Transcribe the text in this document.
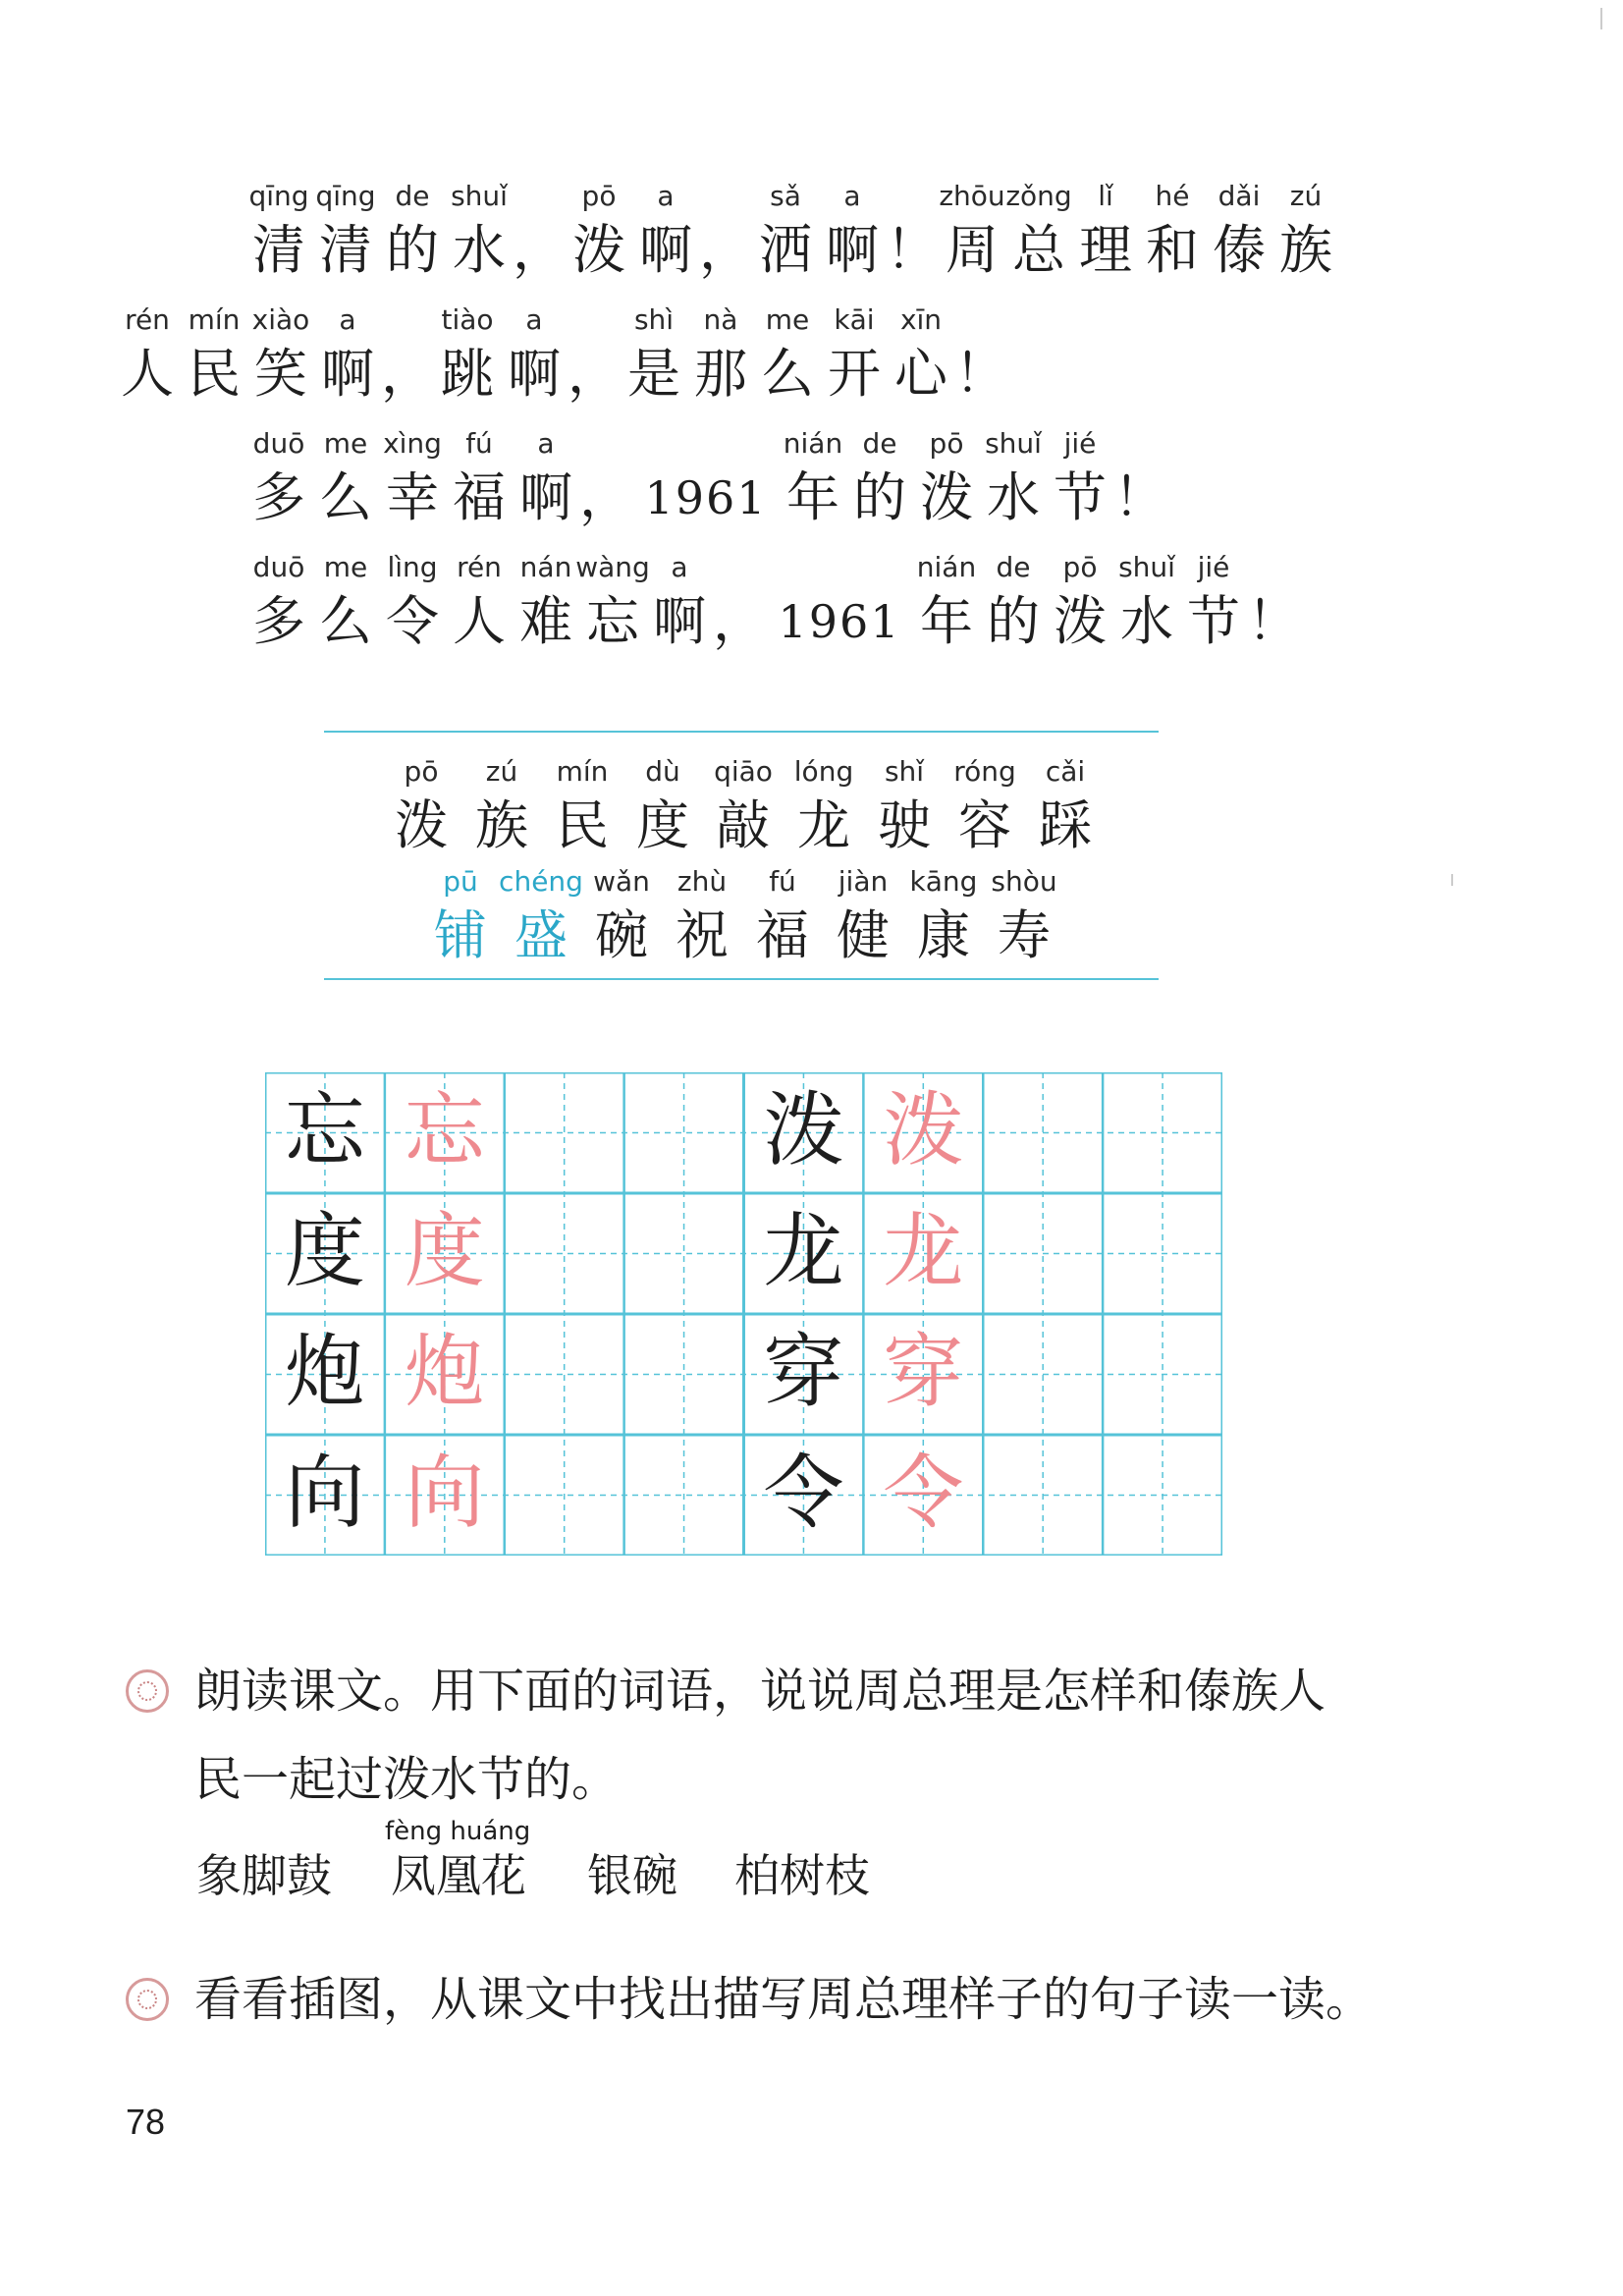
qīng
清
qīng
清
de
的
shuǐ
水 ，
pō
泼
a
啊 ，
sǎ
洒
a
啊 ！
zhōu
周
zǒng
总
lǐ
理
hé
和
dǎi
傣
zú
族
rén
人
mín
民
xiào
笑
a
啊 ，
tiào
跳
a
啊 ，
shì
是
nà
那
me
么
kāi
开
xīn
心 ！
duō
多
me
么
xìng
幸
fú
福
a
啊 ， 1961
nián
年
de
的
pō
泼
shuǐ
水
jié
节 ！
duō
多
me
么
lìng
令
rén
人
nán
难
wàng
忘
a
啊 ， 1961
nián
年
de
的
pō
泼
shuǐ
水
jié
节 ！
pō
泼
zú
族
mín
民
dù
度
qiāo
敲
lóng
龙
shǐ
驶
róng
容
cǎi
踩
pū
铺
chéng
盛
wǎn
碗
zhù
祝
fú
福
jiàn
健
kāng
康
shòu
寿
忘 忘
度 度
炮 炮
向 向
泼 泼
龙 龙
穿 穿
令 令
朗读课文。用下面的词语，说说周总理是怎样和傣族人
民一起过泼水节的。
fèng huáng
象脚鼓 凤凰花 银碗 柏树枝
看看插图，从课文中找出描写周总理样子的句子读一读。
78
